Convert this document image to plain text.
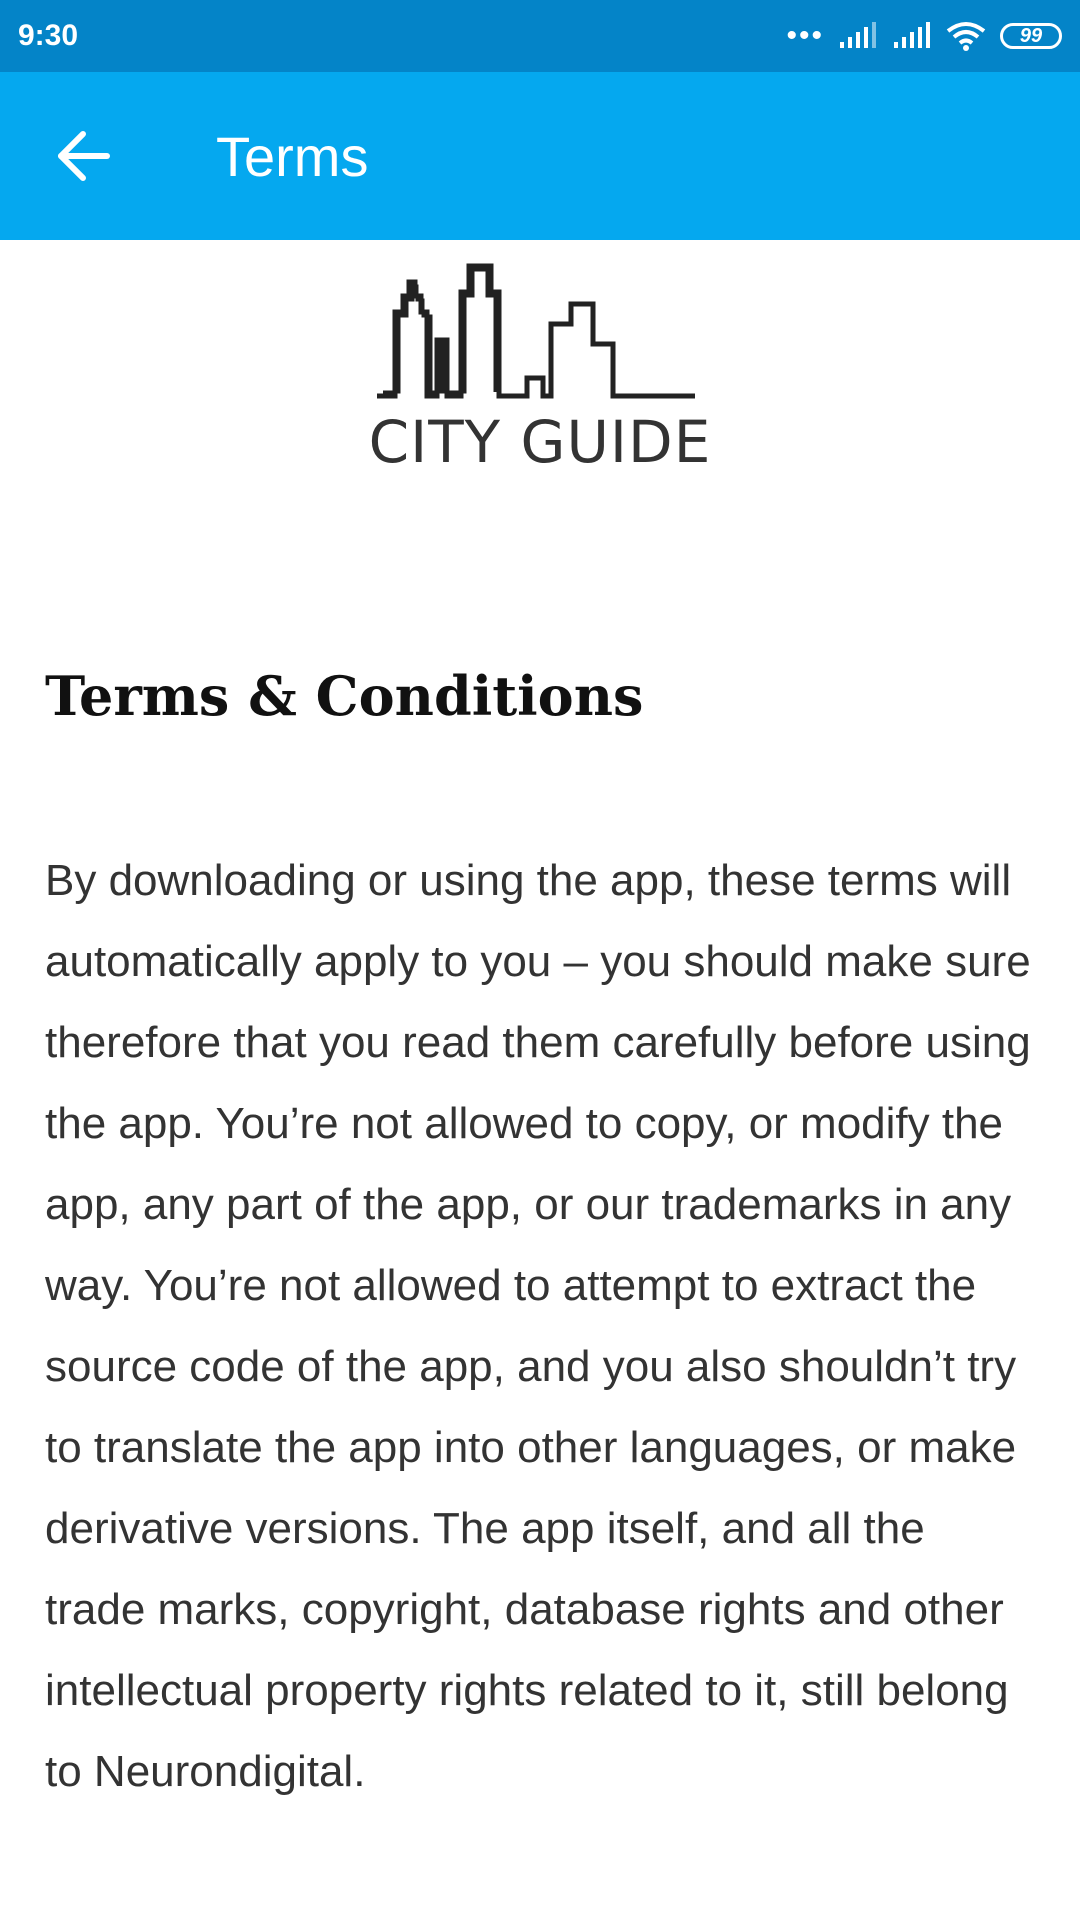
9:30	•••	99
Terms
CITY GUIDE
Terms & Conditions
By downloading or using the app, these terms will automatically apply to you – you should make sure therefore that you read them carefully before using the app. You’re not allowed to copy, or modify the app, any part of the app, or our trademarks in any way. You’re not allowed to attempt to extract the source code of the app, and you also shouldn’t try to translate the app into other languages, or make derivative versions. The app itself, and all the trade marks, copyright, database rights and other intellectual property rights related to it, still belong to Neurondigital.
